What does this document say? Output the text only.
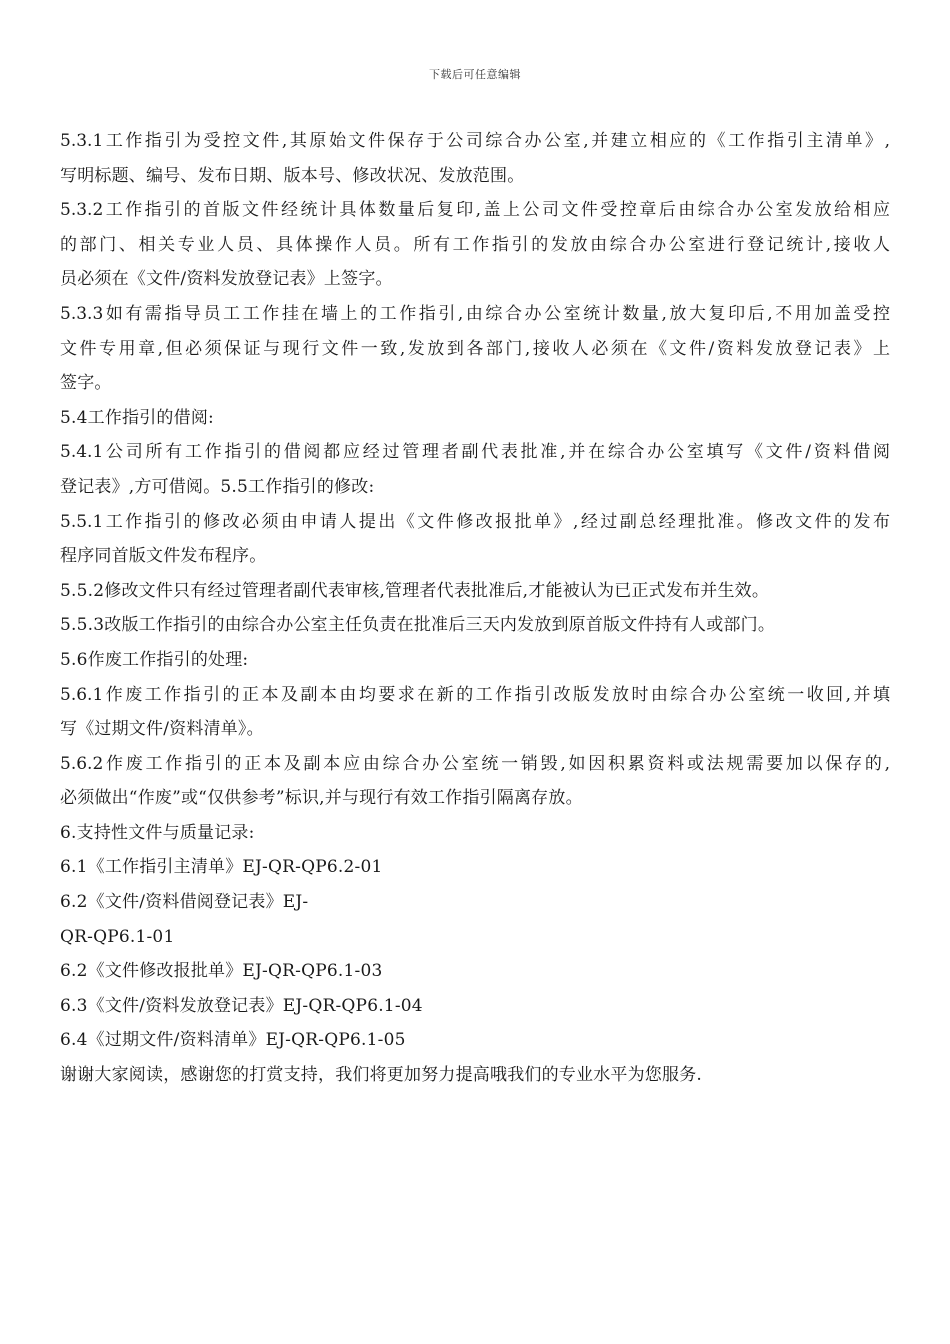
下载后可任意编辑
5.3.1工作指引为受控文件,其原始文件保存于公司综合办公室,并建立相应的《工作指引主清单》,
写明标题、编号、发布日期、版本号、修改状况、发放范围。
5.3.2工作指引的首版文件经统计具体数量后复印,盖上公司文件受控章后由综合办公室发放给相应
的部门、相关专业人员、具体操作人员。所有工作指引的发放由综合办公室进行登记统计,接收人
员必须在《文件/资料发放登记表》上签字。
5.3.3如有需指导员工工作挂在墙上的工作指引,由综合办公室统计数量,放大复印后,不用加盖受控
文件专用章,但必须保证与现行文件一致,发放到各部门,接收人必须在《文件/资料发放登记表》上
签字。
5.4工作指引的借阅:
5.4.1公司所有工作指引的借阅都应经过管理者副代表批准,并在综合办公室填写《文件/资料借阅
登记表》,方可借阅。5.5工作指引的修改:
5.5.1工作指引的修改必须由申请人提出《文件修改报批单》,经过副总经理批准。修改文件的发布
程序同首版文件发布程序。
5.5.2修改文件只有经过管理者副代表审核,管理者代表批准后,才能被认为已正式发布并生效。
5.5.3改版工作指引的由综合办公室主任负责在批准后三天内发放到原首版文件持有人或部门。
5.6作废工作指引的处理:
5.6.1作废工作指引的正本及副本由均要求在新的工作指引改版发放时由综合办公室统一收回,并填
写《过期文件/资料清单》。
5.6.2作废工作指引的正本及副本应由综合办公室统一销毁,如因积累资料或法规需要加以保存的,
必须做出“作废”或“仅供参考”标识,并与现行有效工作指引隔离存放。
6.支持性文件与质量记录:
6.1《工作指引主清单》EJ-QR-QP6.2-01
6.2《文件/资料借阅登记表》EJ-
QR-QP6.1-01
6.2《文件修改报批单》EJ-QR-QP6.1-03
6.3《文件/资料发放登记表》EJ-QR-QP6.1-04
6.4《过期文件/资料清单》EJ-QR-QP6.1-05
谢谢大家阅读，感谢您的打赏支持，我们将更加努力提高哦我们的专业水平为您服务.
